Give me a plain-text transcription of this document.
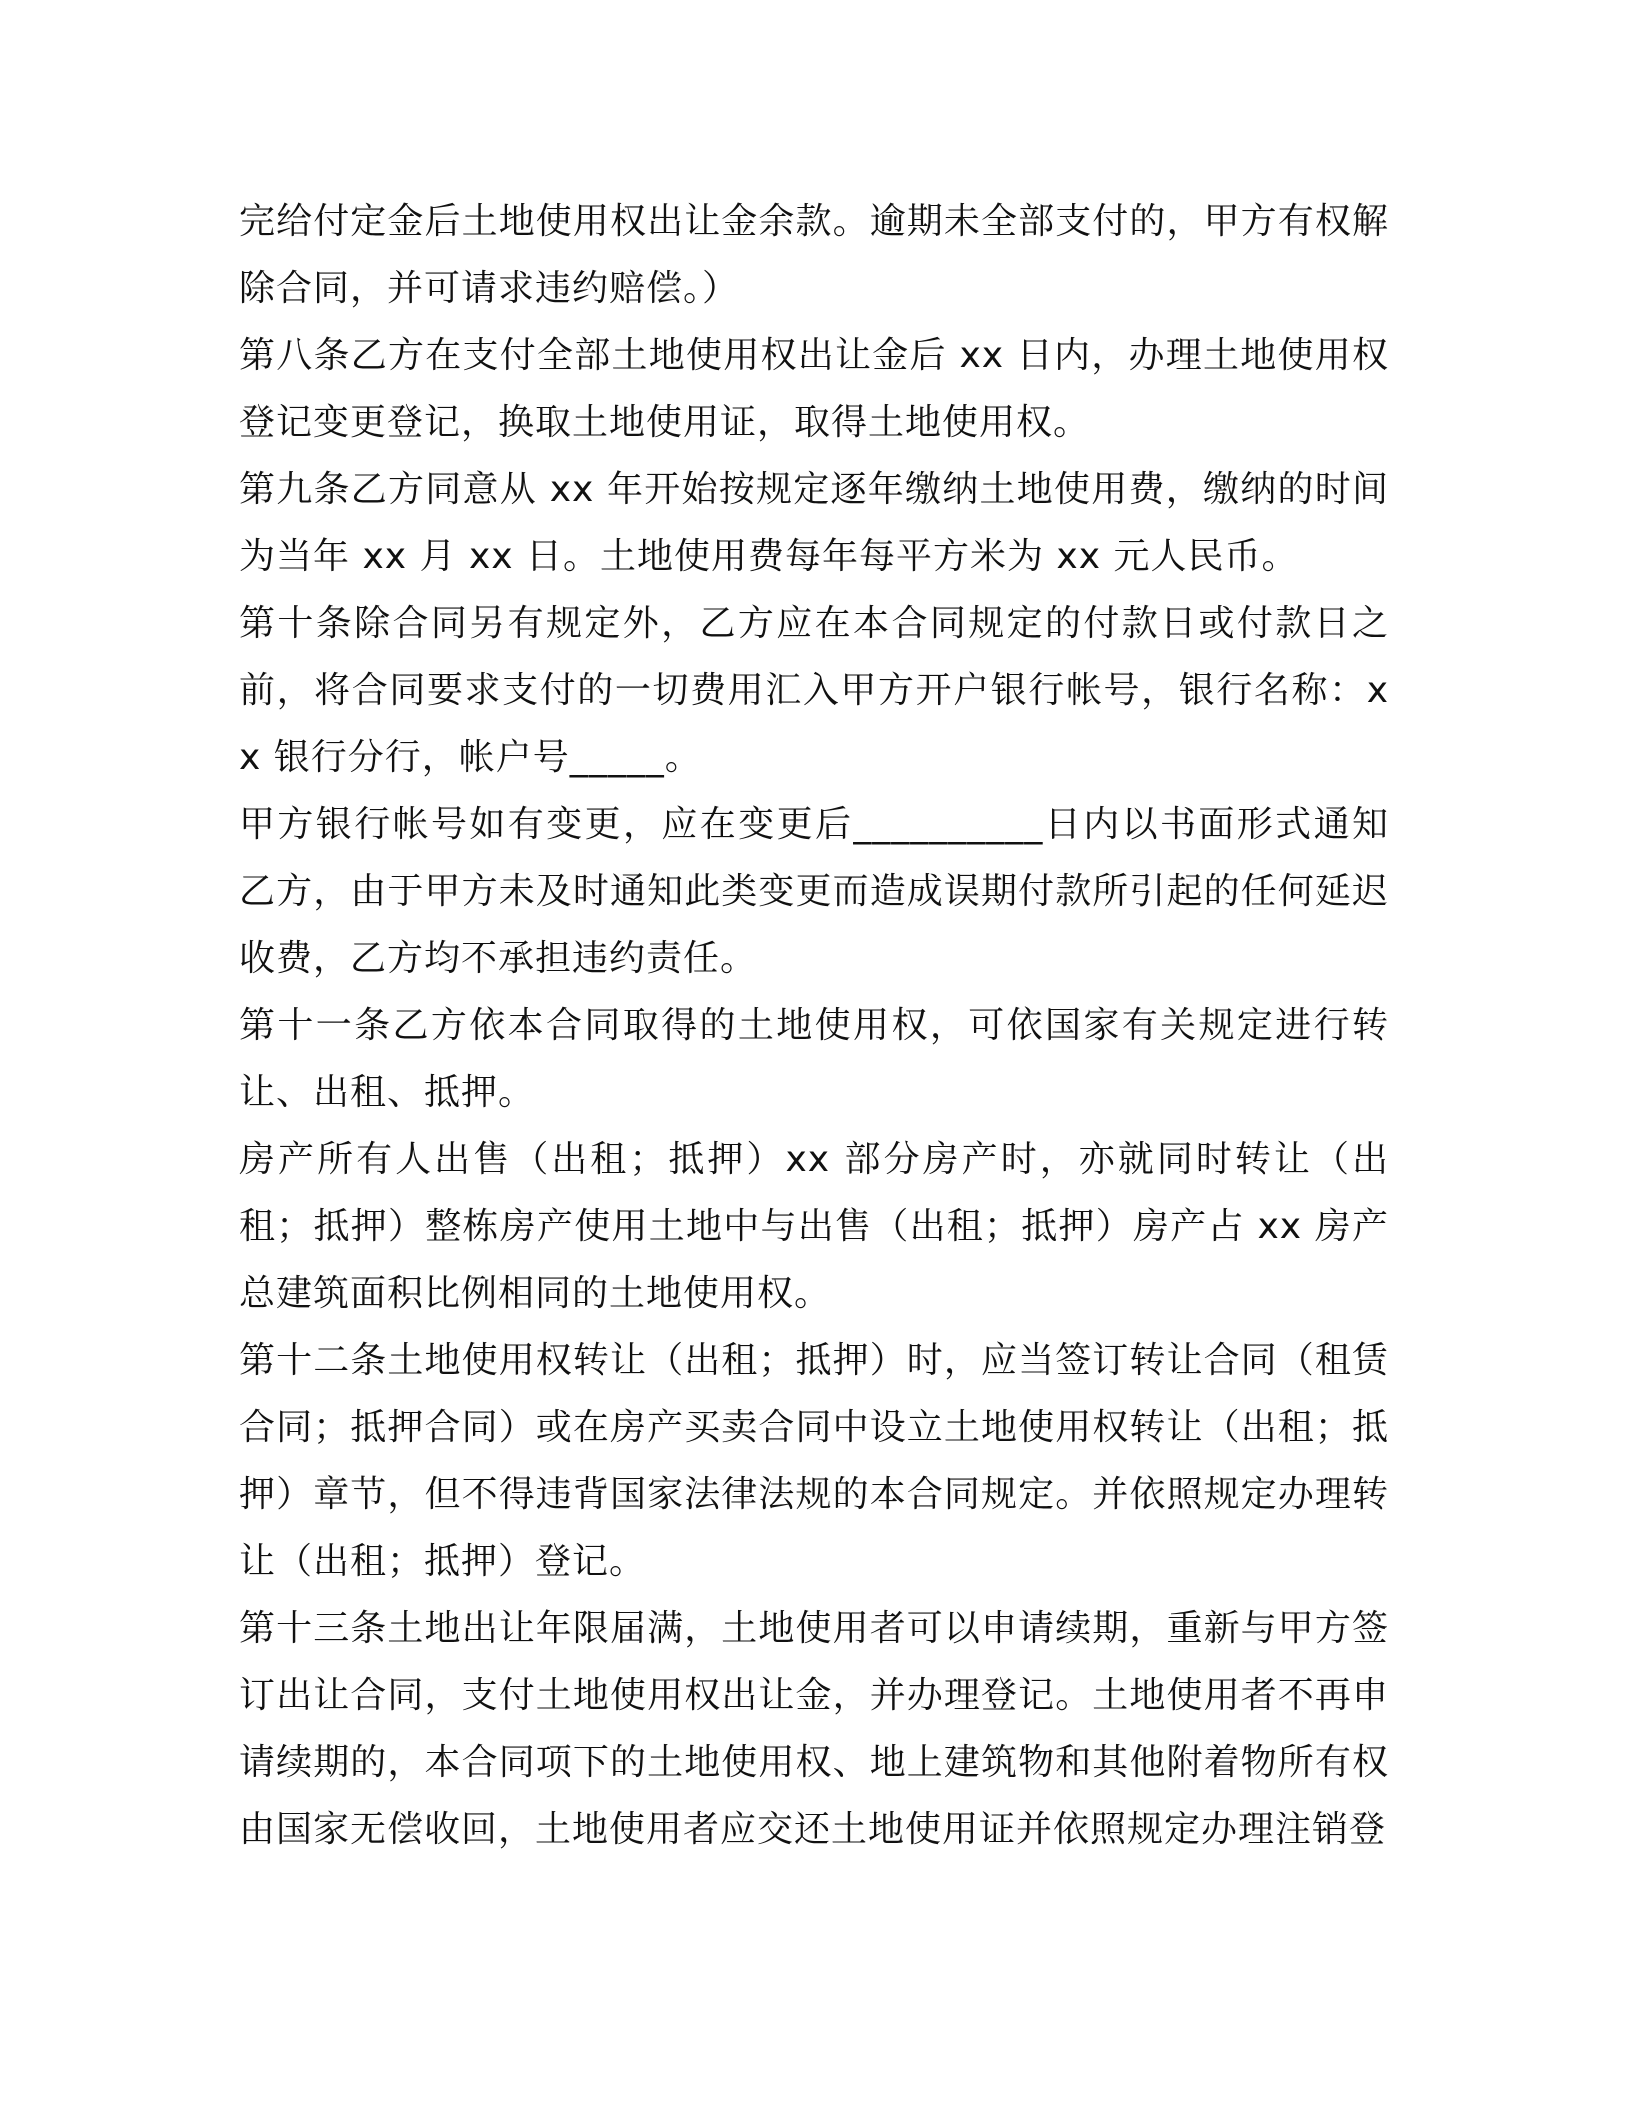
完给付定金后土地使用权出让金余款。逾期未全部支付的，甲方有权解除合同，并可请求违约赔偿。）

第八条乙方在支付全部土地使用权出让金后 xx 日内，办理土地使用权登记变更登记，换取土地使用证，取得土地使用权。

第九条乙方同意从 xx 年开始按规定逐年缴纳土地使用费，缴纳的时间为当年 xx 月 xx 日。土地使用费每年每平方米为 xx 元人民币。

第十条除合同另有规定外，乙方应在本合同规定的付款日或付款日之前，将合同要求支付的一切费用汇入甲方开户银行帐号，银行名称：xx 银行分行，帐户号_____。

甲方银行帐号如有变更，应在变更后__________日内以书面形式通知乙方，由于甲方未及时通知此类变更而造成误期付款所引起的任何延迟收费，乙方均不承担违约责任。

第十一条乙方依本合同取得的土地使用权，可依国家有关规定进行转让、出租、抵押。

房产所有人出售（出租；抵押）xx 部分房产时，亦就同时转让（出租；抵押）整栋房产使用土地中与出售（出租；抵押）房产占 xx 房产总建筑面积比例相同的土地使用权。

第十二条土地使用权转让（出租；抵押）时，应当签订转让合同（租赁合同；抵押合同）或在房产买卖合同中设立土地使用权转让（出租；抵押）章节，但不得违背国家法律法规的本合同规定。并依照规定办理转让（出租；抵押）登记。

第十三条土地出让年限届满，土地使用者可以申请续期，重新与甲方签订出让合同，支付土地使用权出让金，并办理登记。土地使用者不再申请续期的，本合同项下的土地使用权、地上建筑物和其他附着物所有权由国家无偿收回，土地使用者应交还土地使用证并依照规定办理注销登
